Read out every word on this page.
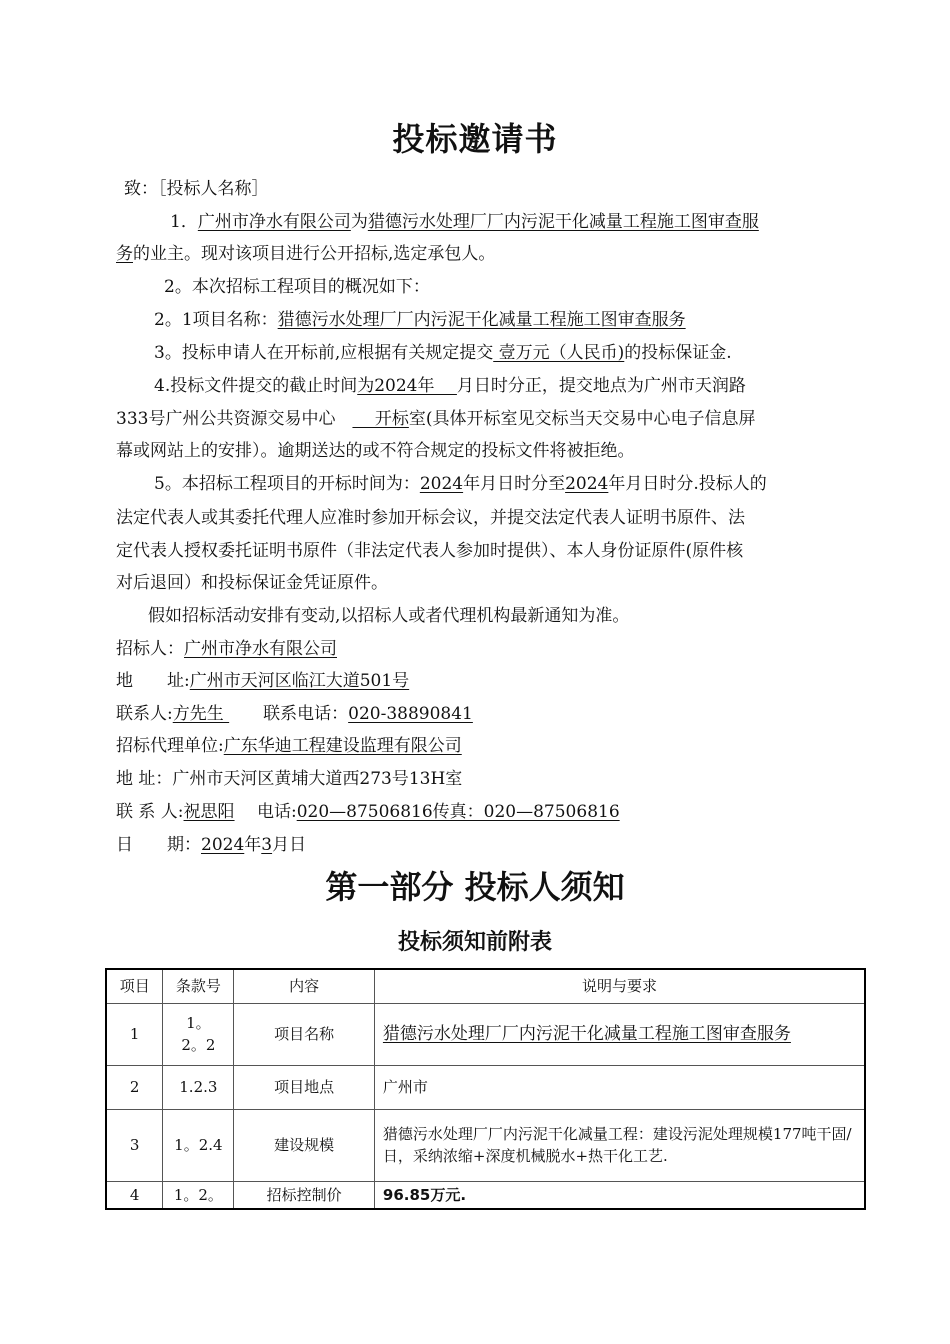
投标邀请书
致：［投标人名称］
1．广州市净水有限公司为猎德污水处理厂厂内污泥干化减量工程施工图审查服
务的业主。现对该项目进行公开招标,选定承包人。
2。本次招标工程项目的概况如下：
2。1项目名称：猎德污水处理厂厂内污泥干化减量工程施工图审查服务
3。投标申请人在开标前,应根据有关规定提交 壹万元（人民币)的投标保证金.
4.投标文件提交的截止时间为2024年　 月日时分正，提交地点为广州市天润路
333号广州公共资源交易中心　　 开标室(具体开标室见交标当天交易中心电子信息屏
幕或网站上的安排）。逾期送达的或不符合规定的投标文件将被拒绝。
5。本招标工程项目的开标时间为：2024年月日时分至2024年月日时分.投标人的
法定代表人或其委托代理人应准时参加开标会议，并提交法定代表人证明书原件、法
定代表人授权委托证明书原件（非法定代表人参加时提供）、本人身份证原件(原件核
对后退回）和投标保证金凭证原件。
假如招标活动安排有变动,以招标人或者代理机构最新通知为准。
招标人：广州市净水有限公司
地　　址:广州市天河区临江大道501号
联系人:方先生 　　联系电话：020-38890841
招标代理单位:广东华迪工程建设监理有限公司
地 址：广州市天河区黄埔大道西273号13H室
联 系 人:祝思阳　 电话:020—87506816传真：020—87506816
日　　期：2024年3月日
第一部分 投标人须知
投标须知前附表
项目	条款号	内容	说明与要求
1	1。2。2	项目名称	猎德污水处理厂厂内污泥干化减量工程施工图审查服务
2	1.2.3	项目地点	广州市
3	1。2.4	建设规模	猎德污水处理厂厂内污泥干化减量工程：建设污泥处理规模177吨干固/日，采纳浓缩+深度机械脱水+热干化工艺.
4	1。2。	招标控制价	96.85万元.
